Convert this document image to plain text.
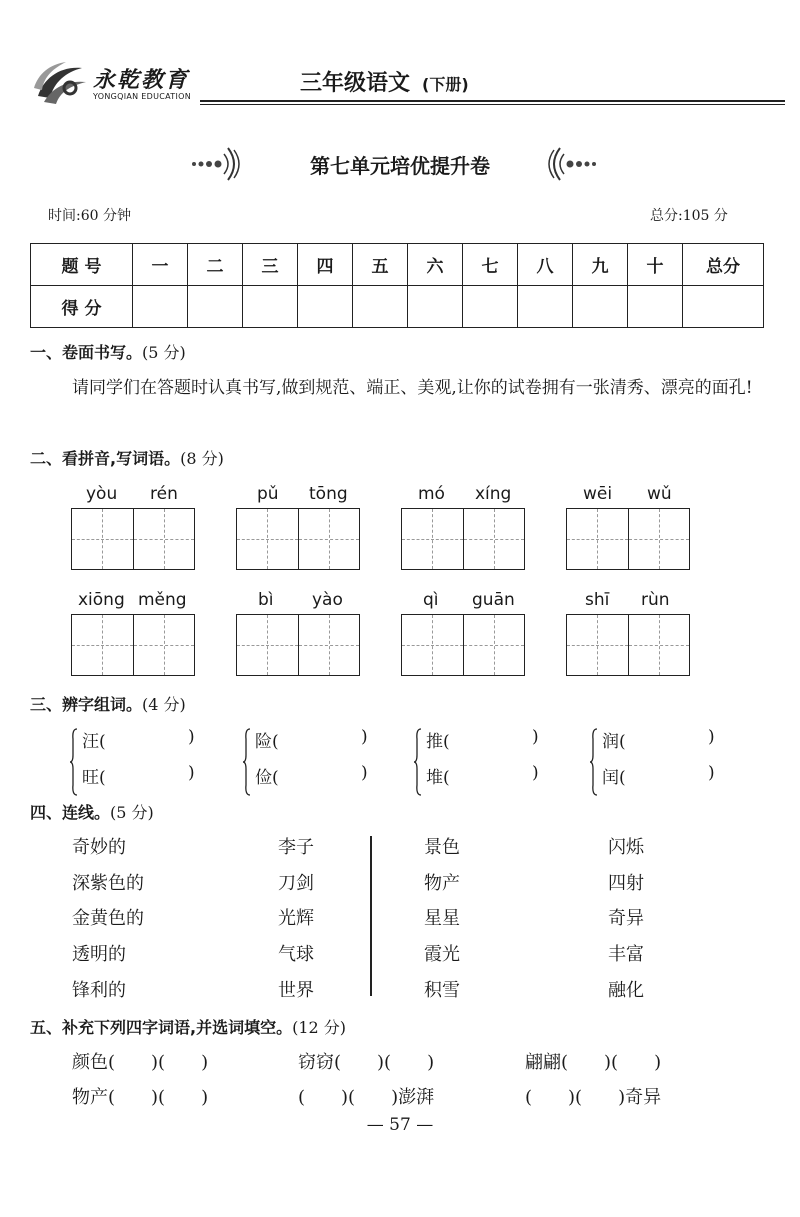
永乾教育
YONGQIAN EDUCATION
三年级语文 (下册)
第七单元培优提升卷
时间:60 分钟	总分:105 分
题 号	一	二	三	四	五	六	七	八	九	十	总分
得 分											
一、卷面书写。(5 分)
请同学们在答题时认真书写,做到规范、端正、美观,让你的试卷拥有一张清秀、漂亮的面孔!
二、看拼音,写词语。(8 分)
yòu rén	pǔ tōng	mó xíng	wēi wǔ
xiōng měng	bì yào	qì guān	shī rùn
三、辨字组词。(4 分)
汪(	)
旺(	)
险(	)
俭(	)
推(	)
堆(	)
润(	)
闰(	)
四、连线。(5 分)
奇妙的
深紫色的
金黄色的
透明的
锋利的
李子
刀剑
光辉
气球
世界
景色
物产
星星
霞光
积雪
闪烁
四射
奇异
丰富
融化
五、补充下列四字词语,并选词填空。(12 分)
颜色(　　)(　　)	窃窃(　　)(　　)	翩翩(　　)(　　)
物产(　　)(　　)	(　　)(　　)澎湃	(　　)(　　)奇异
— 57 —
